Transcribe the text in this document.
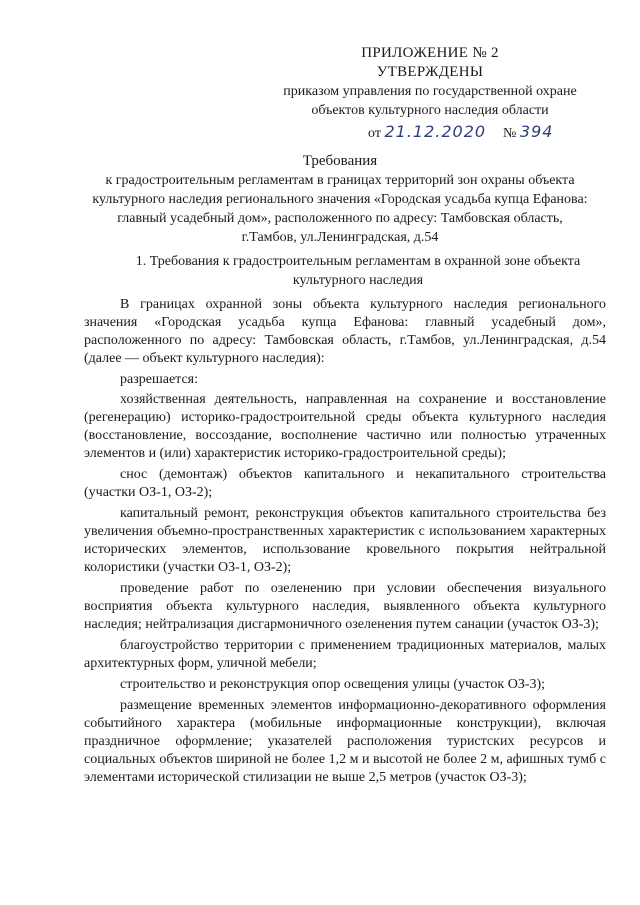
ПРИЛОЖЕНИЕ № 2
УТВЕРЖДЕНЫ
приказом управления по государственной охране
объектов культурного наследия области
от 21.12.2020 № 394
Требования
к градостроительным регламентам в границах территорий зон охраны объекта культурного наследия регионального значения «Городская усадьба купца Ефанова: главный усадебный дом», расположенного по адресу: Тамбовская область, г.Тамбов, ул.Ленинградская, д.54
1. Требования к градостроительным регламентам в охранной зоне объекта культурного наследия

В границах охранной зоны объекта культурного наследия регионального значения «Городская усадьба купца Ефанова: главный усадебный дом», расположенного по адресу: Тамбовская область, г.Тамбов, ул.Ленинградская, д.54 (далее — объект культурного наследия):

разрешается:

хозяйственная деятельность, направленная на сохранение и восстановление (регенерацию) историко-градостроительной среды объекта культурного наследия (восстановление, воссоздание, восполнение частично или полностью утраченных элементов и (или) характеристик историко-градостроительной среды);

снос (демонтаж) объектов капитального и некапитального строительства (участки ОЗ-1, ОЗ-2);

капитальный ремонт, реконструкция объектов капитального строительства без увеличения объемно-пространственных характеристик с использованием характерных исторических элементов, использование кровельного покрытия нейтральной колористики (участки ОЗ-1, ОЗ-2);

проведение работ по озеленению при условии обеспечения визуального восприятия объекта культурного наследия, выявленного объекта культурного наследия; нейтрализация дисгармоничного озеленения путем санации (участок ОЗ-3);

благоустройство территории с применением традиционных материалов, малых архитектурных форм, уличной мебели;

строительство и реконструкция опор освещения улицы (участок ОЗ-3);

размещение временных элементов информационно-декоративного оформления событийного характера (мобильные информационные конструкции), включая праздничное оформление; указателей расположения туристских ресурсов и социальных объектов шириной не более 1,2 м и высотой не более 2 м, афишных тумб с элементами исторической стилизации не выше 2,5 метров (участок ОЗ-3);
